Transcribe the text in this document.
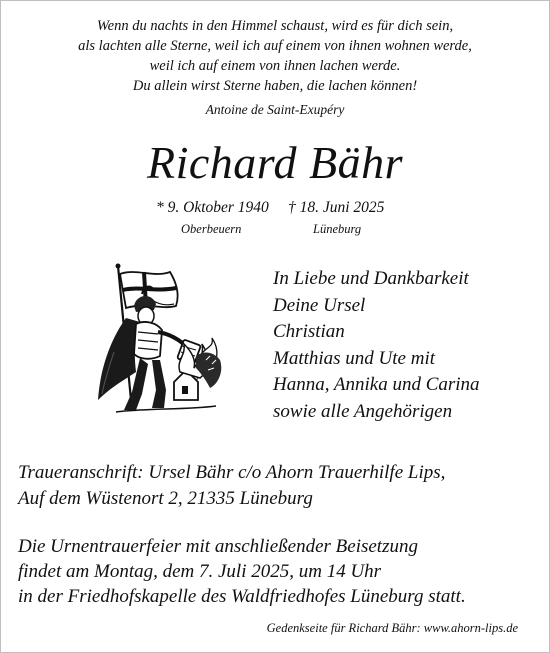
Wenn du nachts in den Himmel schaust, wird es für dich sein,
als lachten alle Sterne, weil ich auf einem von ihnen wohnen werde,
weil ich auf einem von ihnen lachen werde.
Du allein wirst Sterne haben, die lachen können!
Antoine de Saint-Exupéry
Richard Bähr
* 9. Oktober 1940 † 18. Juni 2025
Oberbeuern	Lüneburg
In Liebe und Dankbarkeit
Deine Ursel
Christian
Matthias und Ute mit
Hanna, Annika und Carina
sowie alle Angehörigen
Traueranschrift: Ursel Bähr c/o Ahorn Trauerhilfe Lips,
Auf dem Wüstenort 2, 21335 Lüneburg
Die Urnentrauerfeier mit anschließender Beisetzung
findet am Montag, dem 7. Juli 2025, um 14 Uhr
in der Friedhofskapelle des Waldfriedhofes Lüneburg statt.
Gedenkseite für Richard Bähr: www.ahorn-lips.de
